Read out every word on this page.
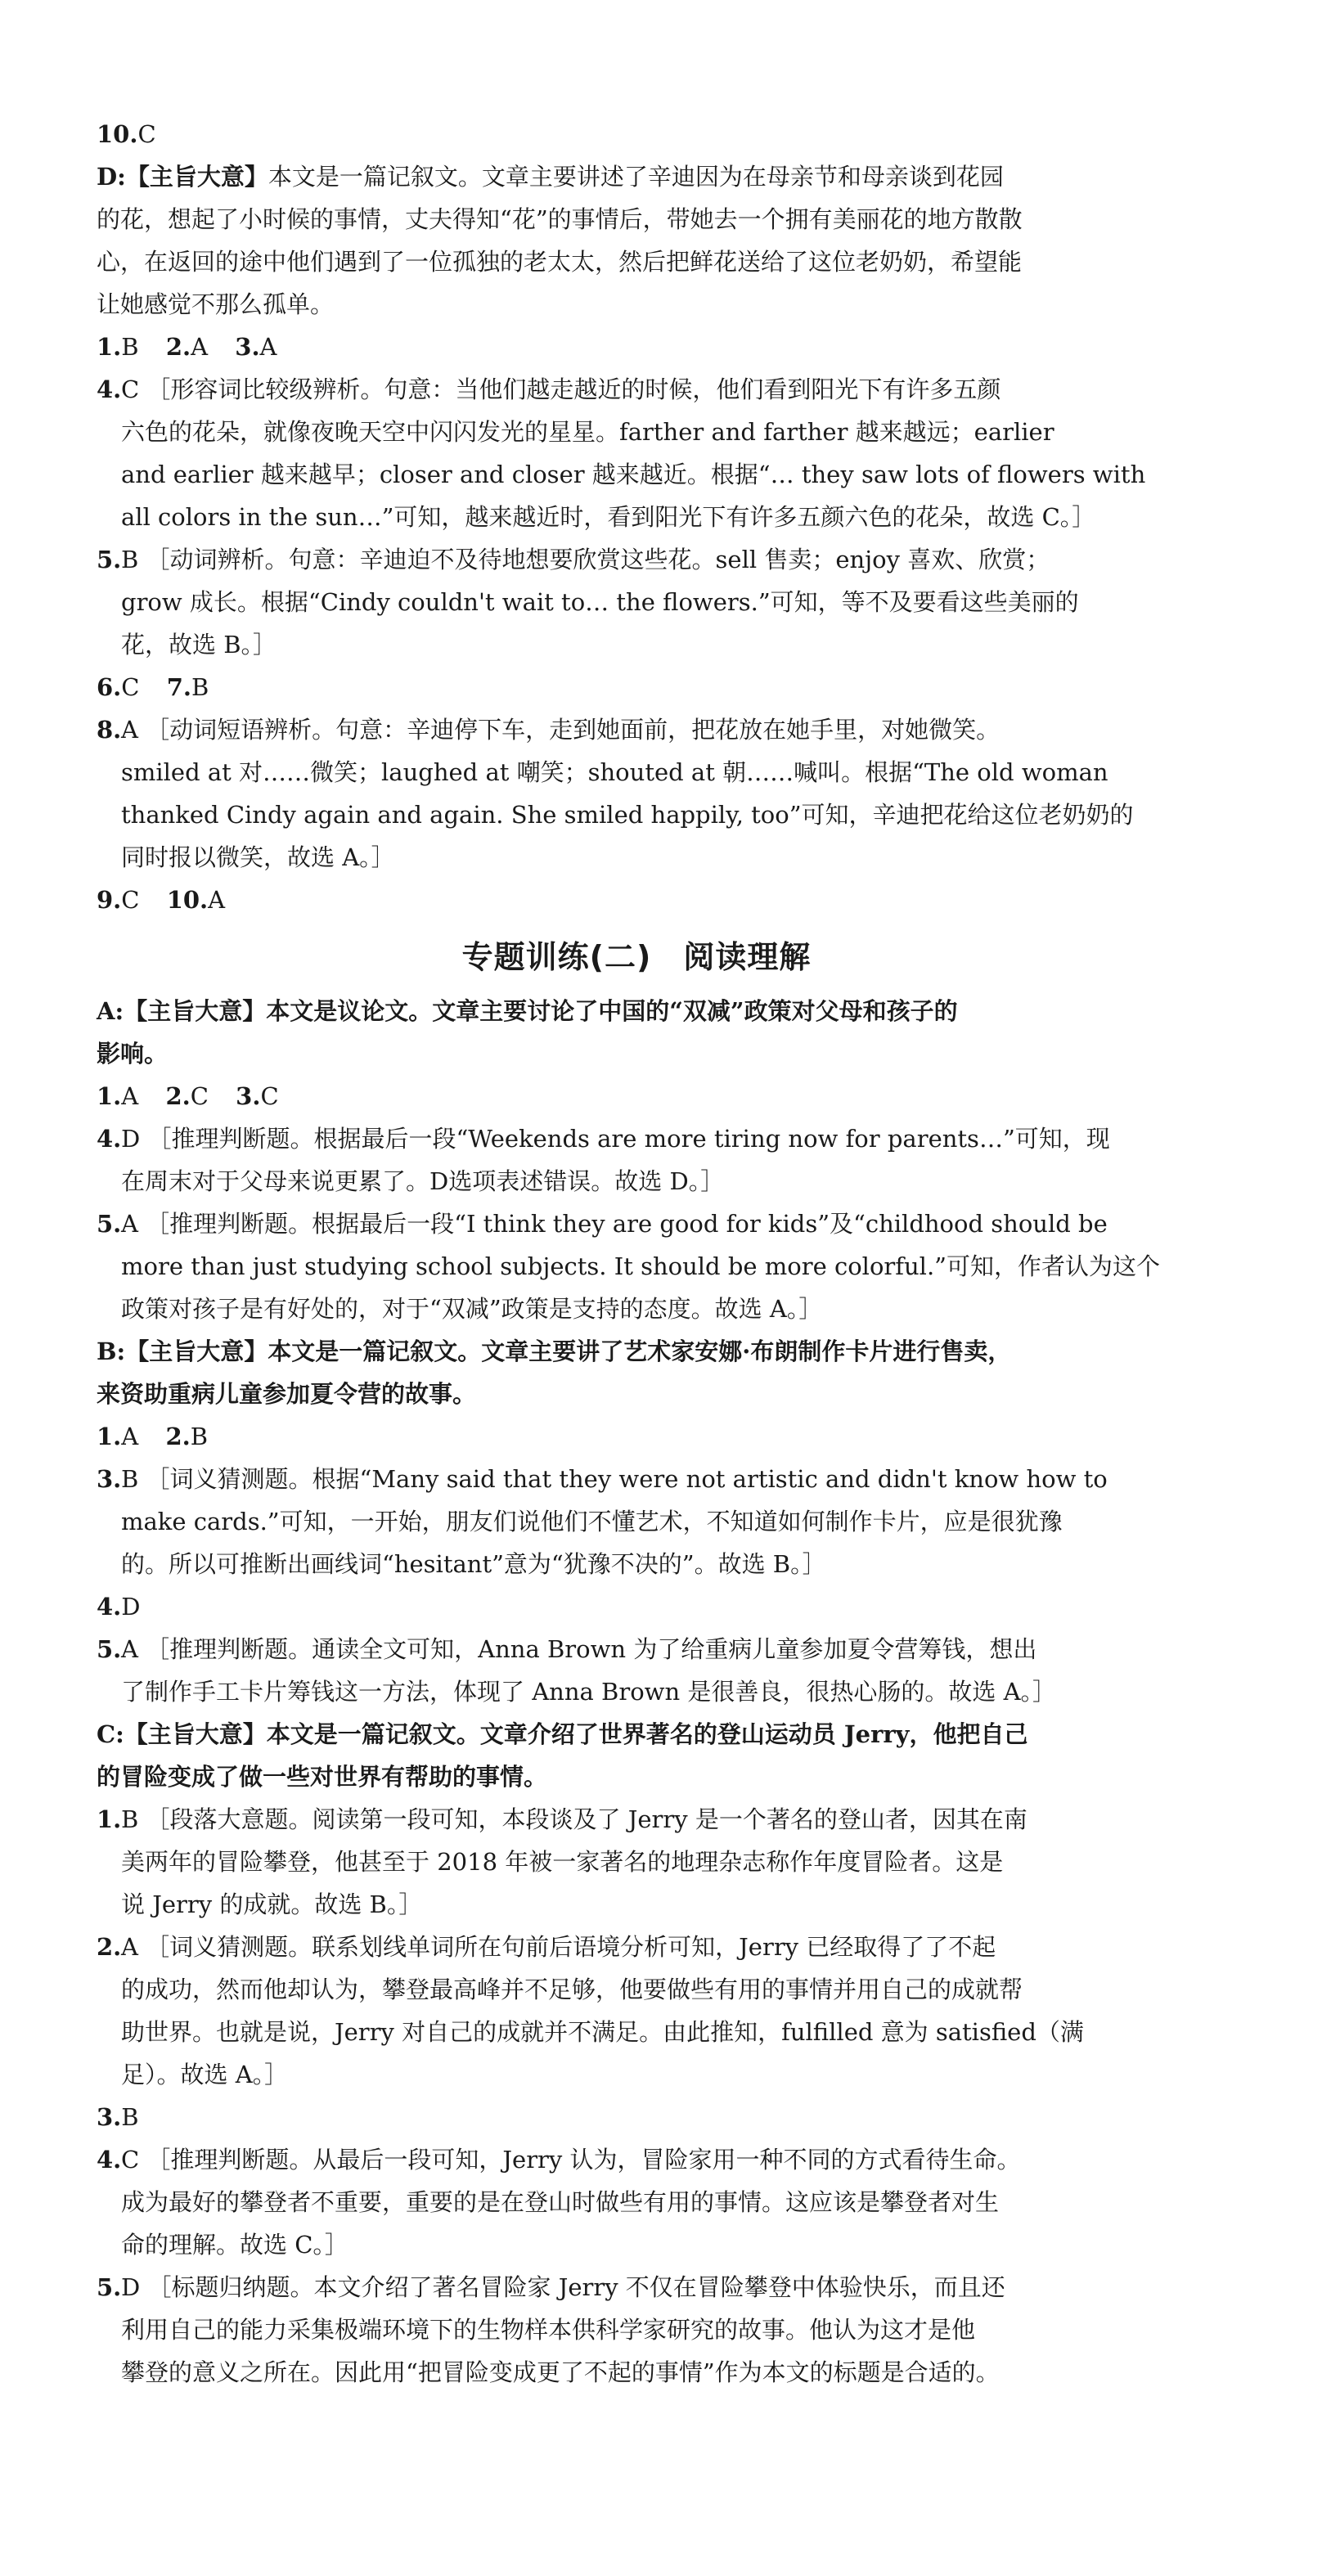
10.C
D:【主旨大意】本文是一篇记叙文。文章主要讲述了辛迪因为在母亲节和母亲谈到花园
的花，想起了小时候的事情，丈夫得知“花”的事情后，带她去一个拥有美丽花的地方散散
心，在返回的途中他们遇到了一位孤独的老太太，然后把鲜花送给了这位老奶奶，希望能
让她感觉不那么孤单。
1.B 2.A 3.A
4. C ［形容词比较级辨析。句意：当他们越走越近的时候，他们看到阳光下有许多五颜
六色的花朵，就像夜晚天空中闪闪发光的星星。farther and farther 越来越远；earlier
and earlier 越来越早；closer and closer 越来越近。根据“… they saw lots of flowers with
all colors in the sun…”可知，越来越近时，看到阳光下有许多五颜六色的花朵，故选 C。］
5. B ［动词辨析。句意：辛迪迫不及待地想要欣赏这些花。sell 售卖；enjoy 喜欢、欣赏；
grow 成长。根据“Cindy couldn't wait to… the flowers.”可知，等不及要看这些美丽的
花，故选 B。］
6.C 7.B
8. A ［动词短语辨析。句意：辛迪停下车，走到她面前，把花放在她手里，对她微笑。
smiled at 对……微笑；laughed at 嘲笑；shouted at 朝……喊叫。根据“The old woman
thanked Cindy again and again. She smiled happily, too”可知，辛迪把花给这位老奶奶的
同时报以微笑，故选 A。］
9.C 10.A
专题训练(二)　阅读理解
A:【主旨大意】本文是议论文。文章主要讨论了中国的“双减”政策对父母和孩子的
影响。
1.A 2.C 3.C
4. D ［推理判断题。根据最后一段“Weekends are more tiring now for parents…”可知，现
在周末对于父母来说更累了。D选项表述错误。故选 D。］
5. A ［推理判断题。根据最后一段“I think they are good for kids”及“childhood should be
more than just studying school subjects. It should be more colorful.”可知，作者认为这个
政策对孩子是有好处的，对于“双减”政策是支持的态度。故选 A。］
B:【主旨大意】本文是一篇记叙文。文章主要讲了艺术家安娜·布朗制作卡片进行售卖，
来资助重病儿童参加夏令营的故事。
1.A 2.B
3. B ［词义猜测题。根据“Many said that they were not artistic and didn't know how to
make cards.”可知，一开始，朋友们说他们不懂艺术，不知道如何制作卡片，应是很犹豫
的。所以可推断出画线词“hesitant”意为“犹豫不决的”。故选 B。］
4.D
5. A ［推理判断题。通读全文可知，Anna Brown 为了给重病儿童参加夏令营筹钱，想出
了制作手工卡片筹钱这一方法，体现了 Anna Brown 是很善良，很热心肠的。故选 A。］
C:【主旨大意】本文是一篇记叙文。文章介绍了世界著名的登山运动员 Jerry，他把自己
的冒险变成了做一些对世界有帮助的事情。
1. B ［段落大意题。阅读第一段可知，本段谈及了 Jerry 是一个著名的登山者，因其在南
美两年的冒险攀登，他甚至于 2018 年被一家著名的地理杂志称作年度冒险者。这是
说 Jerry 的成就。故选 B。］
2. A ［词义猜测题。联系划线单词所在句前后语境分析可知，Jerry 已经取得了了不起
的成功，然而他却认为，攀登最高峰并不足够，他要做些有用的事情并用自己的成就帮
助世界。也就是说，Jerry 对自己的成就并不满足。由此推知，fulfilled 意为 satisfied（满
足）。故选 A。］
3.B
4. C ［推理判断题。从最后一段可知，Jerry 认为，冒险家用一种不同的方式看待生命。
成为最好的攀登者不重要，重要的是在登山时做些有用的事情。这应该是攀登者对生
命的理解。故选 C。］
5. D ［标题归纳题。本文介绍了著名冒险家 Jerry 不仅在冒险攀登中体验快乐，而且还
利用自己的能力采集极端环境下的生物样本供科学家研究的故事。他认为这才是他
攀登的意义之所在。因此用“把冒险变成更了不起的事情”作为本文的标题是合适的。
